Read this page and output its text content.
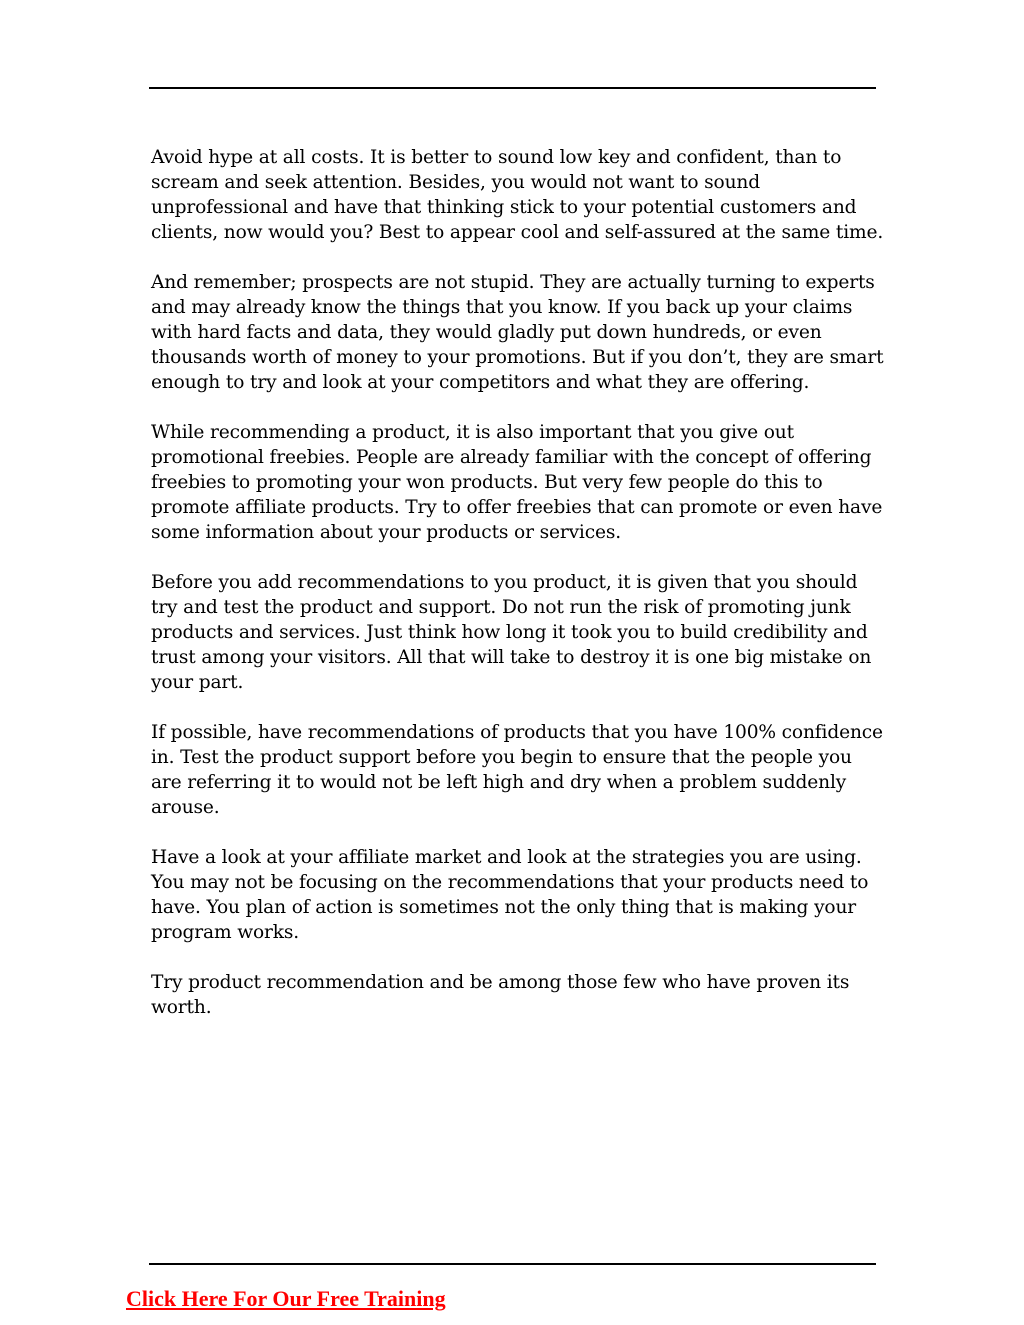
Avoid hype at all costs. It is better to sound low key and confident, than to scream and seek attention. Besides, you would not want to sound unprofessional and have that thinking stick to your potential customers and clients, now would you? Best to appear cool and self-assured at the same time.

And remember; prospects are not stupid. They are actually turning to experts and may already know the things that you know. If you back up your claims with hard facts and data, they would gladly put down hundreds, or even thousands worth of money to your promotions. But if you don’t, they are smart enough to try and look at your competitors and what they are offering.

While recommending a product, it is also important that you give out promotional freebies. People are already familiar with the concept of offering freebies to promoting your won products. But very few people do this to promote affiliate products. Try to offer freebies that can promote or even have some information about your products or services.

Before you add recommendations to you product, it is given that you should try and test the product and support. Do not run the risk of promoting junk products and services. Just think how long it took you to build credibility and trust among your visitors. All that will take to destroy it is one big mistake on your part.

If possible, have recommendations of products that you have 100% confidence in. Test the product support before you begin to ensure that the people you are referring it to would not be left high and dry when a problem suddenly arouse.

Have a look at your affiliate market and look at the strategies you are using. You may not be focusing on the recommendations that your products need to have. You plan of action is sometimes not the only thing that is making your program works.

Try product recommendation and be among those few who have proven its worth.

Click Here For Our Free Training
